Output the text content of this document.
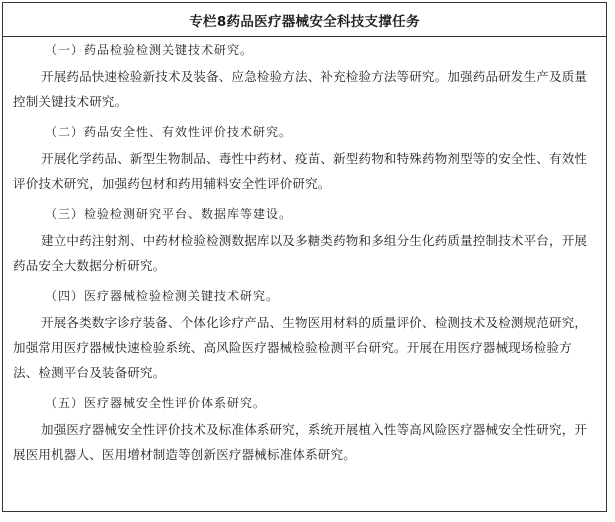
专栏8药品医疗器械安全科技支撑任务
（一）药品检验检测关键技术研究。
开展药品快速检验新技术及装备、应急检验方法、补充检验方法等研究。加强药品研发生产及质量
控制关键技术研究。
（二）药品安全性、有效性评价技术研究。
开展化学药品、新型生物制品、毒性中药材、疫苗、新型药物和特殊药物剂型等的安全性、有效性
评价技术研究，加强药包材和药用辅料安全性评价研究。
（三）检验检测研究平台、数据库等建设。
建立中药注射剂、中药材检验检测数据库以及多糖类药物和多组分生化药质量控制技术平台，开展
药品安全大数据分析研究。
（四）医疗器械检验检测关键技术研究。
开展各类数字诊疗装备、个体化诊疗产品、生物医用材料的质量评价、检测技术及检测规范研究，
加强常用医疗器械快速检验系统、高风险医疗器械检验检测平台研究。开展在用医疗器械现场检验方
法、检测平台及装备研究。
（五）医疗器械安全性评价体系研究。
加强医疗器械安全性评价技术及标准体系研究，系统开展植入性等高风险医疗器械安全性研究，开
展医用机器人、医用增材制造等创新医疗器械标准体系研究。
